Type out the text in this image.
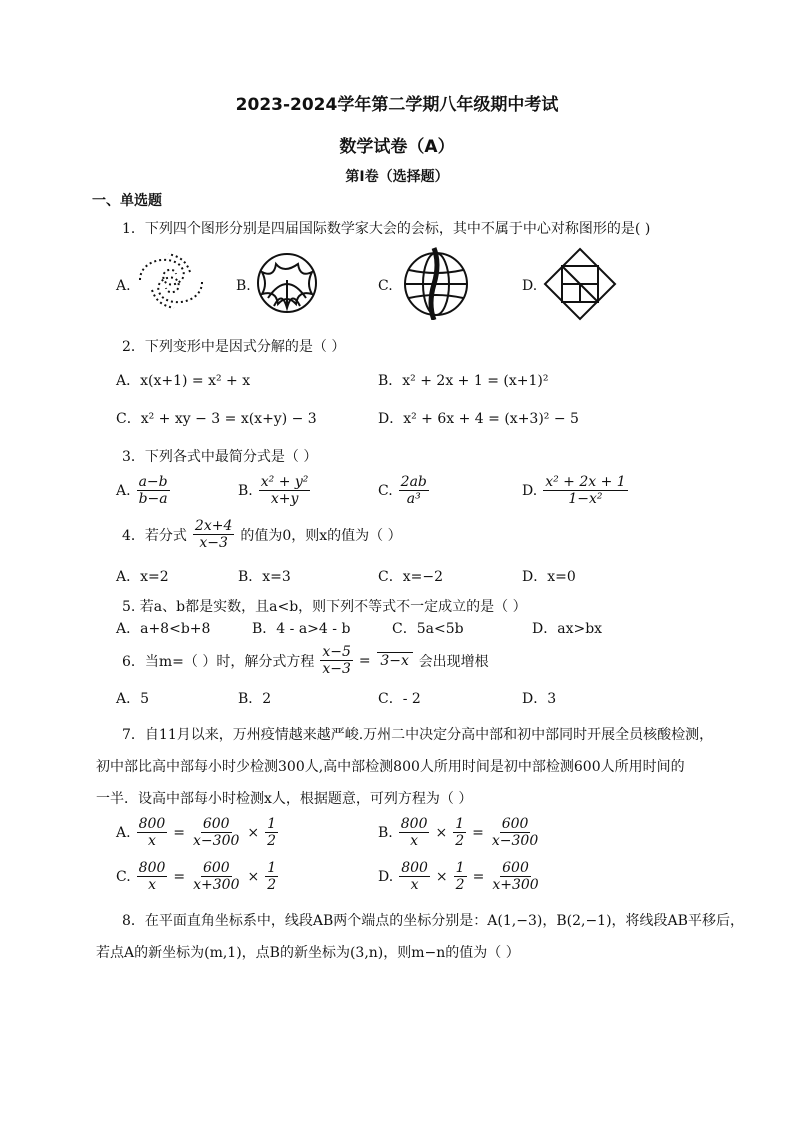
2023-2024学年第二学期八年级期中考试
数学试卷（A）
第Ⅰ卷（选择题）
一、单选题
1．下列四个图形分别是四届国际数学家大会的会标，其中不属于中心对称图形的是( )
A.	B.	C.	D.
2．下列变形中是因式分解的是（ ）
A．x(x+1) = x² + x	B．x² + 2x + 1 = (x+1)²
C．x² + xy − 3 = x(x+y) − 3	D．x² + 6x + 4 = (x+3)² − 5
3．下列各式中最简分式是（ ）
A. $\frac{a-b}{b-a}$	B. $\frac{\text{x² + y²}}{x+y}$	C. $\frac{2ab}{\text{a³}}$	D. $\frac{\text{x² + 2x + 1}}{\text{1−x²}}$
4．若分式 $\frac{2x+4}{x-3}$ 的值为0，则x的值为（ ）
A．x=2	B．x=3	C．x=−2	D．x=0
5. 若a、b都是实数，且a<b，则下列不等式不一定成立的是（ ）
A．a+8<b+8	B．4 - a>4 - b	C．5a<5b	D．ax>bx
6．当m=（ ）时，解分式方程 $\frac{x-5}{x-3} = 3-x$ 会出现增根
A．5	B．2	C．- 2	D．3
7．自11月以来，万州疫情越来越严峻.万州二中决定分高中部和初中部同时开展全员核酸检测，
初中部比高中部每小时少检测300人,高中部检测800人所用时间是初中部检测600人所用时间的
一半．设高中部每小时检测x人，根据题意，可列方程为（ ）
A. $\frac{800}{x} = \frac{600}{x-300} \times \frac{1}{2}$	B. $\frac{800}{x} \times \frac{1}{2} = \frac{600}{x-300}$
C. $\frac{800}{x} = \frac{600}{x+300} \times \frac{1}{2}$	D. $\frac{800}{x} \times \frac{1}{2} = \frac{600}{x+300}$
8．在平面直角坐标系中，线段AB两个端点的坐标分别是：A(1,−3)，B(2,−1)，将线段AB平移后，
若点A的新坐标为(m,1)，点B的新坐标为(3,n)，则m−n的值为（ ）
